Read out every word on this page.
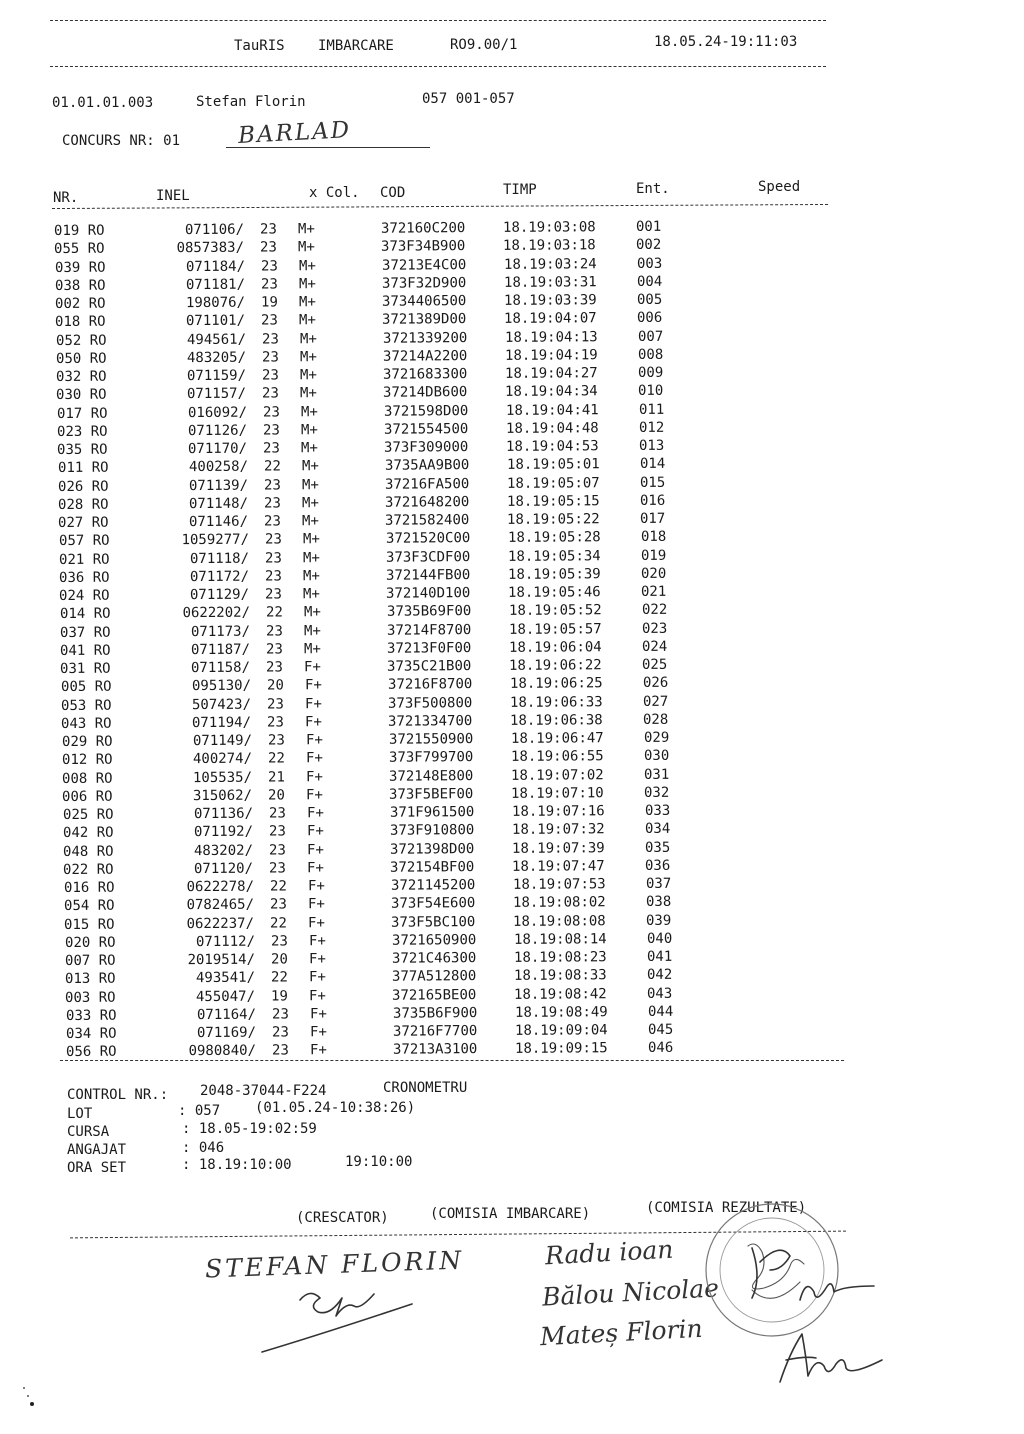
TauRIS IMBARCARE	RO9.00/1	18.05.24-19:11:03
01.01.01.003	Stefan Florin	057 001-057
CONCURS NR: 01 BARLAD
NR.	INEL	x Col. COD	TIMP	Ent.	Speed
019 RO	071106/ 23 M+	372160C200	18.19:03:08	001
055 RO	0857383/ 23 M+	373F34B900	18.19:03:18	002
039 RO	071184/ 23 M+	37213E4C00	18.19:03:24	003
038 RO	071181/ 23 M+	373F32D900	18.19:03:31	004
002 RO	198076/ 19 M+	3734406500	18.19:03:39	005
018 RO	071101/ 23 M+	3721389D00	18.19:04:07	006
052 RO	494561/ 23 M+	3721339200	18.19:04:13	007
050 RO	483205/ 23 M+	37214A2200	18.19:04:19	008
032 RO	071159/ 23 M+	3721683300	18.19:04:27	009
030 RO	071157/ 23 M+	37214DB600	18.19:04:34	010
017 RO	016092/ 23 M+	3721598D00	18.19:04:41	011
023 RO	071126/ 23 M+	3721554500	18.19:04:48	012
035 RO	071170/ 23 M+	373F309000	18.19:04:53	013
011 RO	400258/ 22 M+	3735AA9B00	18.19:05:01	014
026 RO	071139/ 23 M+	37216FA500	18.19:05:07	015
028 RO	071148/ 23 M+	3721648200	18.19:05:15	016
027 RO	071146/ 23 M+	3721582400	18.19:05:22	017
057 RO	1059277/ 23 M+	3721520C00	18.19:05:28	018
021 RO	071118/ 23 M+	373F3CDF00	18.19:05:34	019
036 RO	071172/ 23 M+	372144FB00	18.19:05:39	020
024 RO	071129/ 23 M+	372140D100	18.19:05:46	021
014 RO	0622202/ 22 M+	3735B69F00	18.19:05:52	022
037 RO	071173/ 23 M+	37214F8700	18.19:05:57	023
041 RO	071187/ 23 M+	37213F0F00	18.19:06:04	024
031 RO	071158/ 23 F+	3735C21B00	18.19:06:22	025
005 RO	095130/ 20 F+	37216F8700	18.19:06:25	026
053 RO	507423/ 23 F+	373F500800	18.19:06:33	027
043 RO	071194/ 23 F+	3721334700	18.19:06:38	028
029 RO	071149/ 23 F+	3721550900	18.19:06:47	029
012 RO	400274/ 22 F+	373F799700	18.19:06:55	030
008 RO	105535/ 21 F+	372148E800	18.19:07:02	031
006 RO	315062/ 20 F+	373F5BEF00	18.19:07:10	032
025 RO	071136/ 23 F+	371F961500	18.19:07:16	033
042 RO	071192/ 23 F+	373F910800	18.19:07:32	034
048 RO	483202/ 23 F+	3721398D00	18.19:07:39	035
022 RO	071120/ 23 F+	372154BF00	18.19:07:47	036
016 RO	0622278/ 22 F+	3721145200	18.19:07:53	037
054 RO	0782465/ 23 F+	373F54E600	18.19:08:02	038
015 RO	0622237/ 22 F+	373F5BC100	18.19:08:08	039
020 RO	071112/ 23 F+	3721650900	18.19:08:14	040
007 RO	2019514/ 20 F+	3721C46300	18.19:08:23	041
013 RO	493541/ 22 F+	377A512800	18.19:08:33	042
003 RO	455047/ 19 F+	372165BE00	18.19:08:42	043
033 RO	071164/ 23 F+	3735B6F900	18.19:08:49	044
034 RO	071169/ 23 F+	37216F7700	18.19:09:04	045
056 RO	0980840/ 23 F+	37213A3100	18.19:09:15	046
CONTROL NR.: 2048-37044-F224	CRONOMETRU
LOT	: 057 (01.05.24-10:38:26)
CURSA	: 18.05-19:02:59
ANGAJAT	: 046
ORA SET	: 18.19:10:00	19:10:00
(CRESCATOR)	(COMISIA IMBARCARE)	(COMISIA REZULTATE)
STEFAN FLORIN	Radu ioan
Bălou Nicolae
Mateș Florin
